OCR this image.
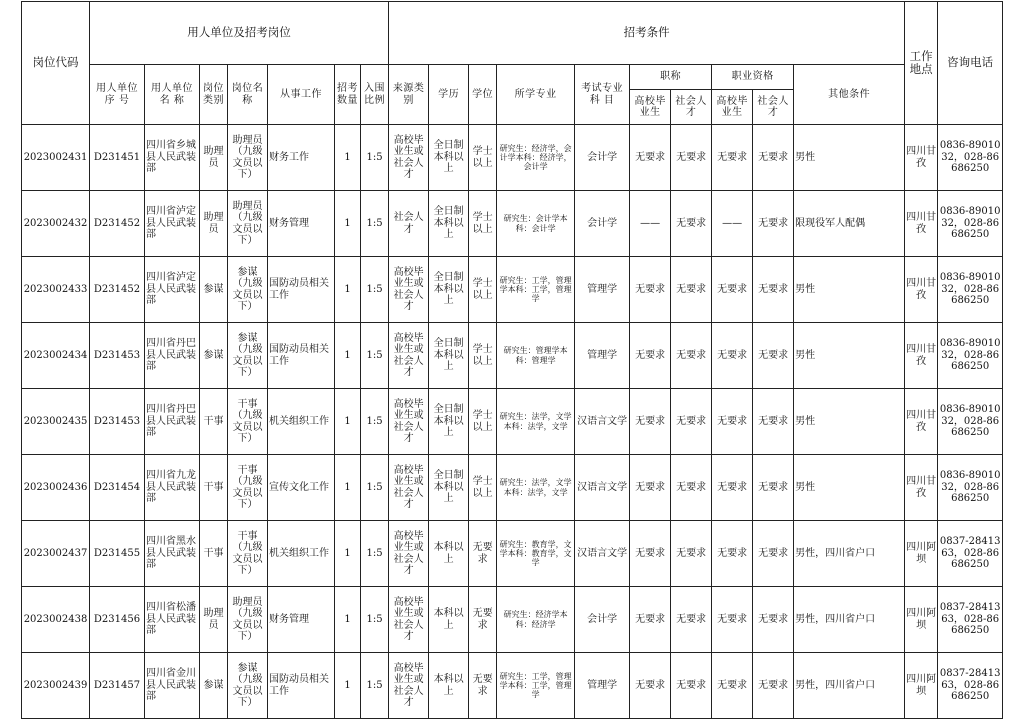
岗位代码	用人单位及招考岗位							招考条件										工作地点	咨询电话
	用人单位序 号	用人单位名 称	岗位类别	岗位名称	从事工作	招考数量	入围比例	来源类别	学历	学位	所学专业	考试专业科 目	职称		职业资格		其他条件		
													高校毕业生	社会人才	高校毕业生	社会人才			
2023002431	D231451	四川省乡城县人民武装部	助理员	助理员（九级文员以下）	财务工作	1	1:5	高校毕业生或社会人才	全日制本科以上	学士以上	研究生：经济学，会计学本科：经济学，会计学	会计学	无要求	无要求	无要求	无要求	男性	四川甘孜	0836-8901032，028-86686250
2023002432	D231452	四川省泸定县人民武装部	助理员	助理员（九级文员以下）	财务管理	1	1:5	社会人才	全日制本科以上	学士以上	研究生：会计学本科：会计学	会计学	——	无要求	——	无要求	限现役军人配偶	四川甘孜	0836-8901032，028-86686250
2023002433	D231452	四川省泸定县人民武装部	参谋	参谋（九级文员以下）	国防动员相关工作	1	1:5	高校毕业生或社会人才	全日制本科以上	学士以上	研究生：工学，管理学本科：工学，管理学	管理学	无要求	无要求	无要求	无要求	男性	四川甘孜	0836-8901032，028-86686250
2023002434	D231453	四川省丹巴县人民武装部	参谋	参谋（九级文员以下）	国防动员相关工作	1	1:5	高校毕业生或社会人才	全日制本科以上	学士以上	研究生：管理学本科：管理学	管理学	无要求	无要求	无要求	无要求	男性	四川甘孜	0836-8901032，028-86686250
2023002435	D231453	四川省丹巴县人民武装部	干事	干事（九级文员以下）	机关组织工作	1	1:5	高校毕业生或社会人才	全日制本科以上	学士以上	研究生：法学，文学本科：法学，文学	汉语言文学	无要求	无要求	无要求	无要求	男性	四川甘孜	0836-8901032，028-86686250
2023002436	D231454	四川省九龙县人民武装部	干事	干事（九级文员以下）	宣传文化工作	1	1:5	高校毕业生或社会人才	全日制本科以上	学士以上	研究生：法学，文学本科：法学，文学	汉语言文学	无要求	无要求	无要求	无要求	男性	四川甘孜	0836-8901032，028-86686250
2023002437	D231455	四川省黑水县人民武装部	干事	干事（九级文员以下）	机关组织工作	1	1:5	高校毕业生或社会人才	本科以上	无要求	研究生：教育学，文学本科：教育学，文学	汉语言文学	无要求	无要求	无要求	无要求	男性，四川省户口	四川阿坝	0837-2841363，028-86686250
2023002438	D231456	四川省松潘县人民武装部	助理员	助理员（九级文员以下）	财务管理	1	1:5	高校毕业生或社会人才	本科以上	无要求	研究生：经济学本科：经济学	会计学	无要求	无要求	无要求	无要求	男性，四川省户口	四川阿坝	0837-2841363，028-86686250
2023002439	D231457	四川省金川县人民武装部	参谋	参谋（九级文员以下）	国防动员相关工作	1	1:5	高校毕业生或社会人才	本科以上	无要求	研究生：工学，管理学本科：工学，管理学	管理学	无要求	无要求	无要求	无要求	男性，四川省户口	四川阿坝	0837-2841363，028-86686250
